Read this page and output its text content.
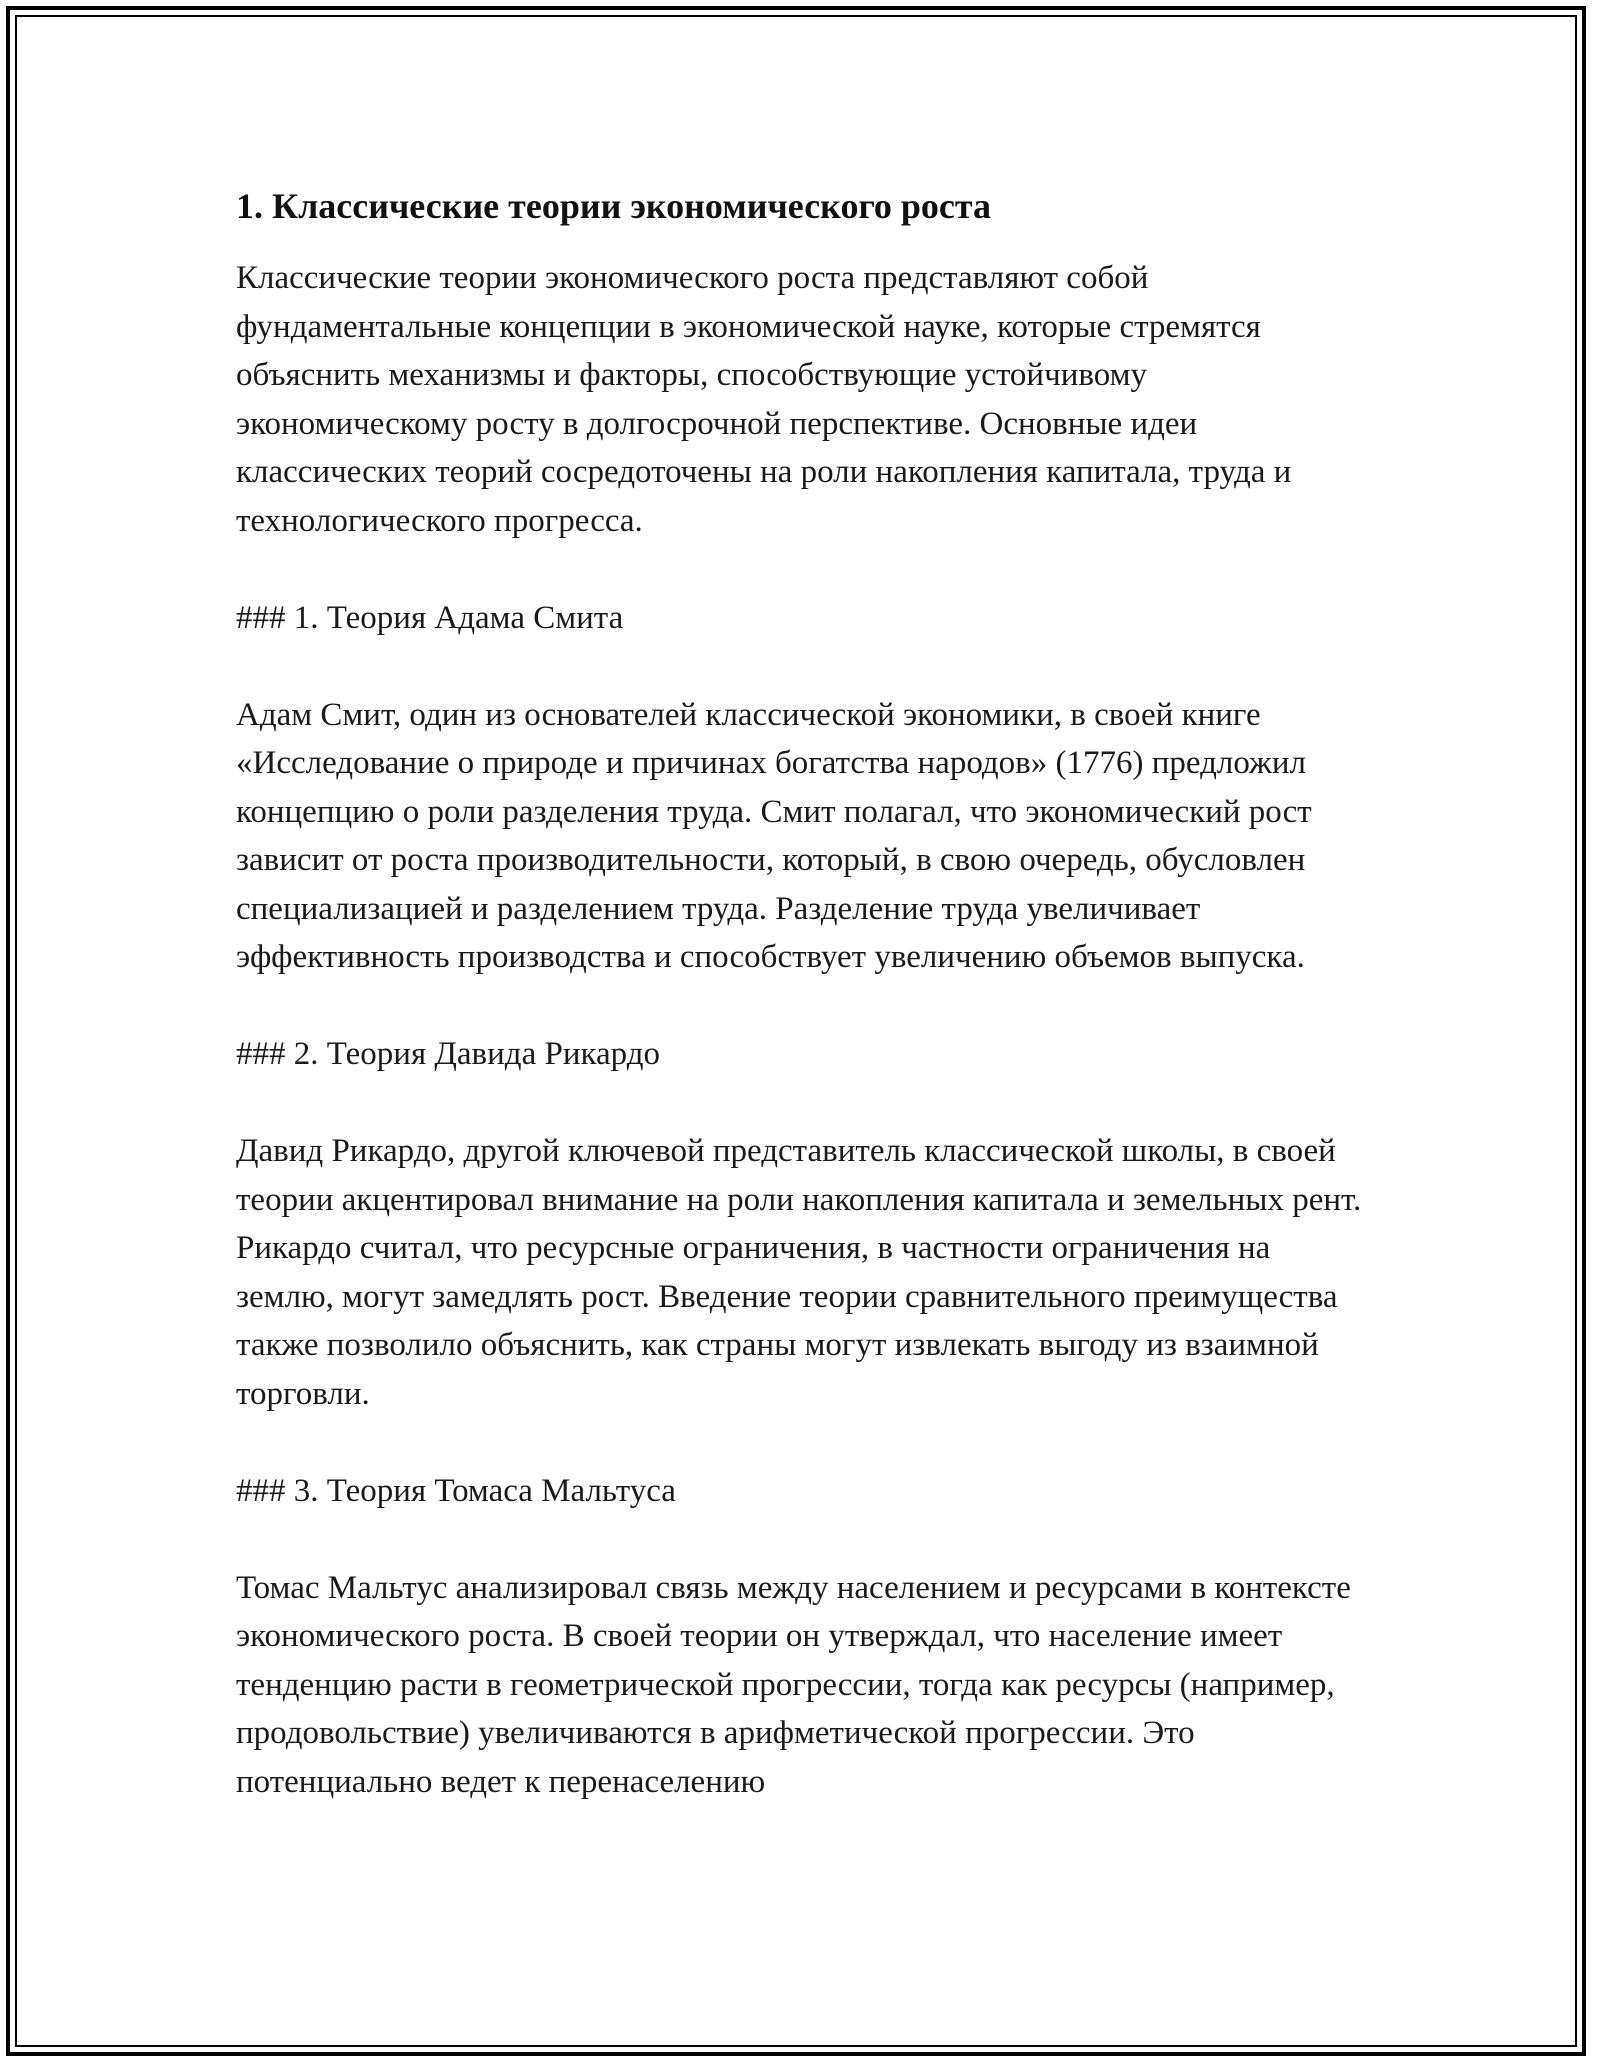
1. Классические теории экономического роста

Классические теории экономического роста представляют собой фундаментальные концепции в экономической науке, которые стремятся объяснить механизмы и факторы, способствующие устойчивому экономическому росту в долгосрочной перспективе. Основные идеи классических теорий сосредоточены на роли накопления капитала, труда и технологического прогресса.

### 1. Теория Адама Смита

Адам Смит, один из основателей классической экономики, в своей книге «Исследование о природе и причинах богатства народов» (1776) предложил концепцию о роли разделения труда. Смит полагал, что экономический рост зависит от роста производительности, который, в свою очередь, обусловлен специализацией и разделением труда. Разделение труда увеличивает эффективность производства и способствует увеличению объемов выпуска.

### 2. Теория Давида Рикардо

Давид Рикардо, другой ключевой представитель классической школы, в своей теории акцентировал внимание на роли накопления капитала и земельных рент. Рикардо считал, что ресурсные ограничения, в частности ограничения на землю, могут замедлять рост. Введение теории сравнительного преимущества также позволило объяснить, как страны могут извлекать выгоду из взаимной торговли.

### 3. Теория Томаса Мальтуса

Томас Мальтус анализировал связь между населением и ресурсами в контексте экономического роста. В своей теории он утверждал, что население имеет тенденцию расти в геометрической прогрессии, тогда как ресурсы (например, продовольствие) увеличиваются в арифметической прогрессии. Это потенциально ведет к перенаселению
